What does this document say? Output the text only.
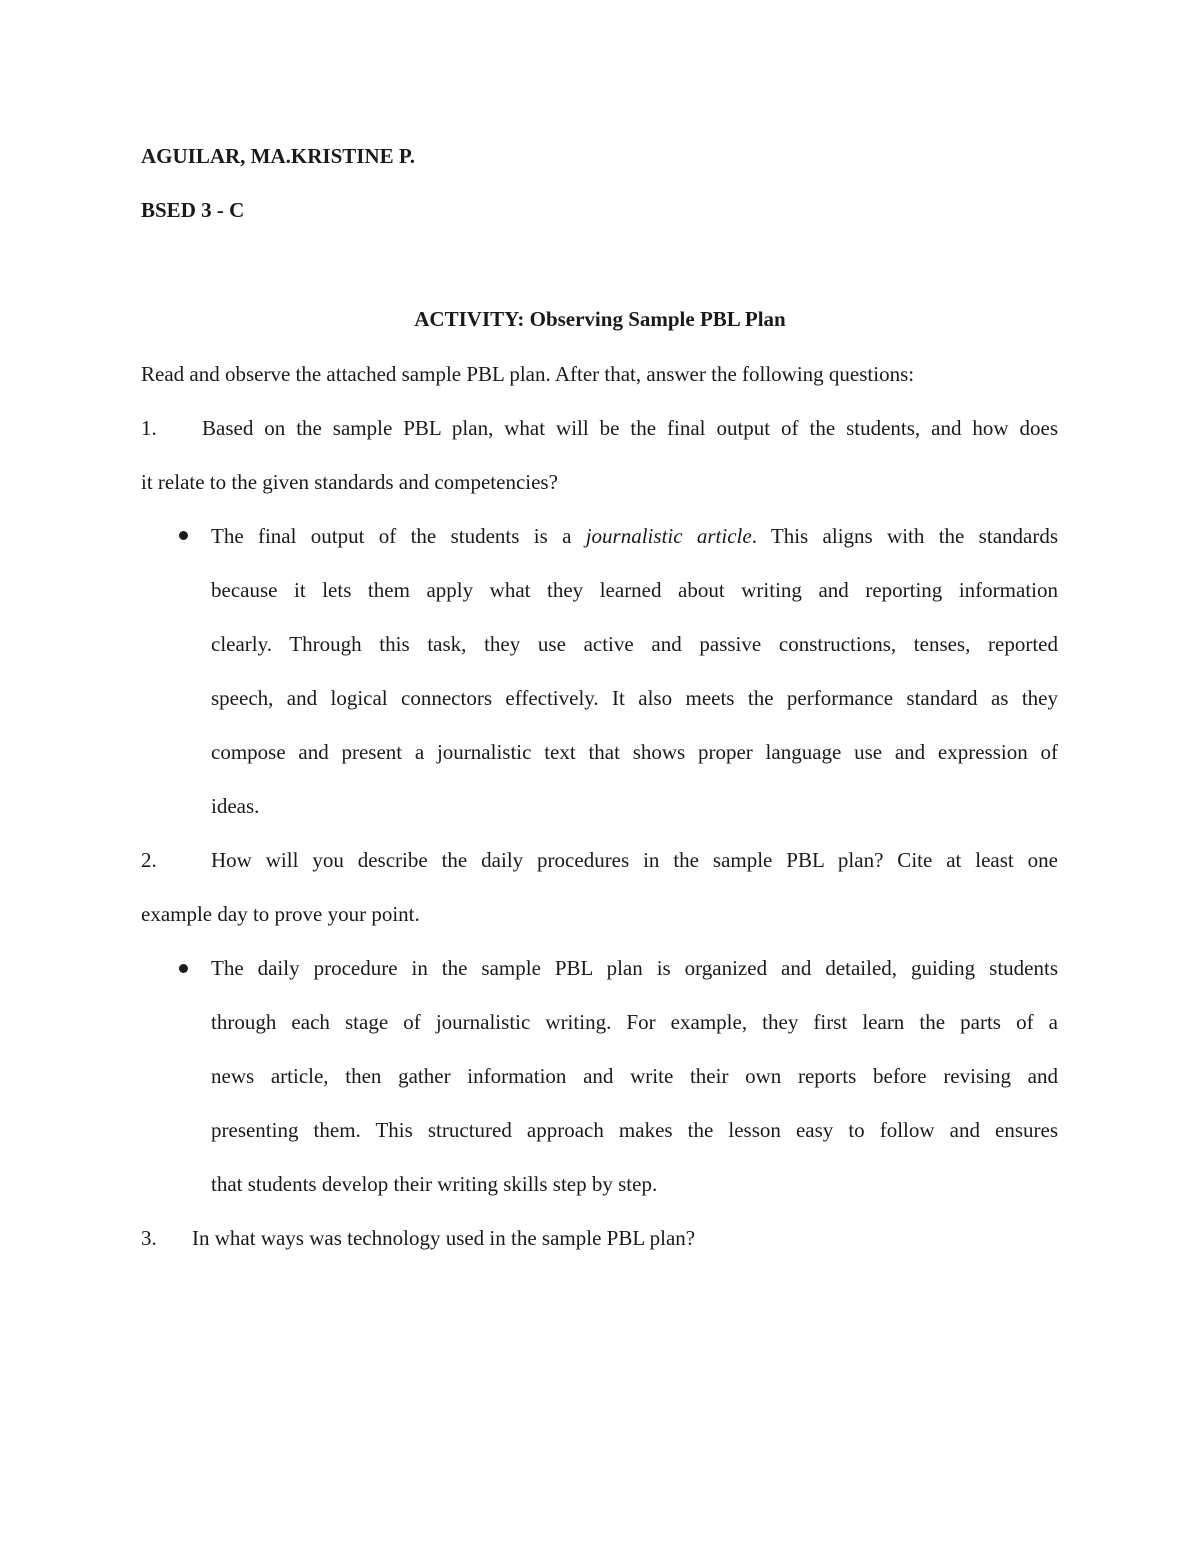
AGUILAR, MA.KRISTINE P.
BSED 3 - C
ACTIVITY: Observing Sample PBL Plan
Read and observe the attached sample PBL plan. After that, answer the following questions:
1. Based on the sample PBL plan, what will be the final output of the students, and how does
it relate to the given standards and competencies?
The final output of the students is a journalistic article. This aligns with the standards
because it lets them apply what they learned about writing and reporting information
clearly. Through this task, they use active and passive constructions, tenses, reported
speech, and logical connectors effectively. It also meets the performance standard as they
compose and present a journalistic text that shows proper language use and expression of
ideas.
2.	How will you describe the daily procedures in the sample PBL plan? Cite at least one
example day to prove your point.
The daily procedure in the sample PBL plan is organized and detailed, guiding students
through each stage of journalistic writing. For example, they first learn the parts of a
news article, then gather information and write their own reports before revising and
presenting them. This structured approach makes the lesson easy to follow and ensures
that students develop their writing skills step by step.
3. In what ways was technology used in the sample PBL plan?
